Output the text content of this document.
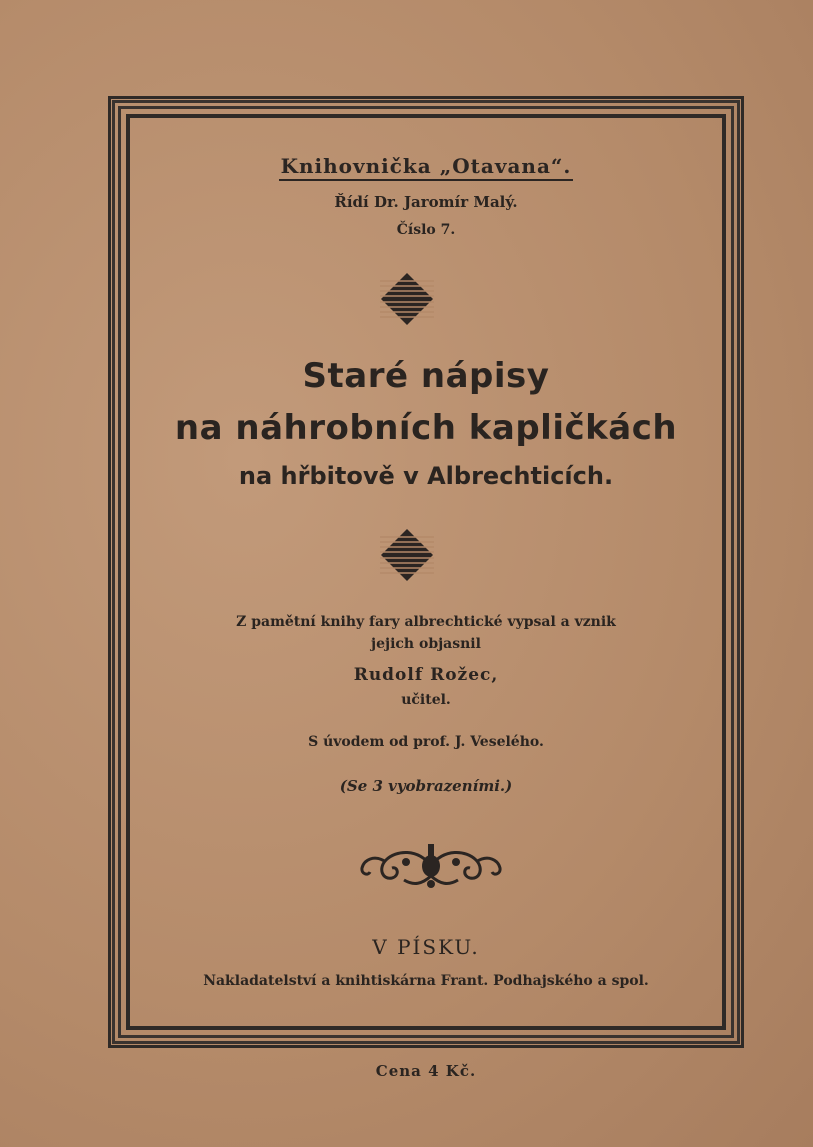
Knihovnička „Otavana“.
Řídí Dr. Jaromír Malý.
Číslo 7.
Staré nápisy
na náhrobních kapličkách
na hřbitově v Albrechticích.
Z pamětní knihy fary albrechtické vypsal a vznik
jejich objasnil
Rudolf Rožec,
učitel.
S úvodem od prof. J. Veselého.
(Se 3 vyobrazeními.)
V PÍSKU.
Nakladatelství a knihtiskárna Frant. Podhajského a spol.
Cena 4 Kč.
